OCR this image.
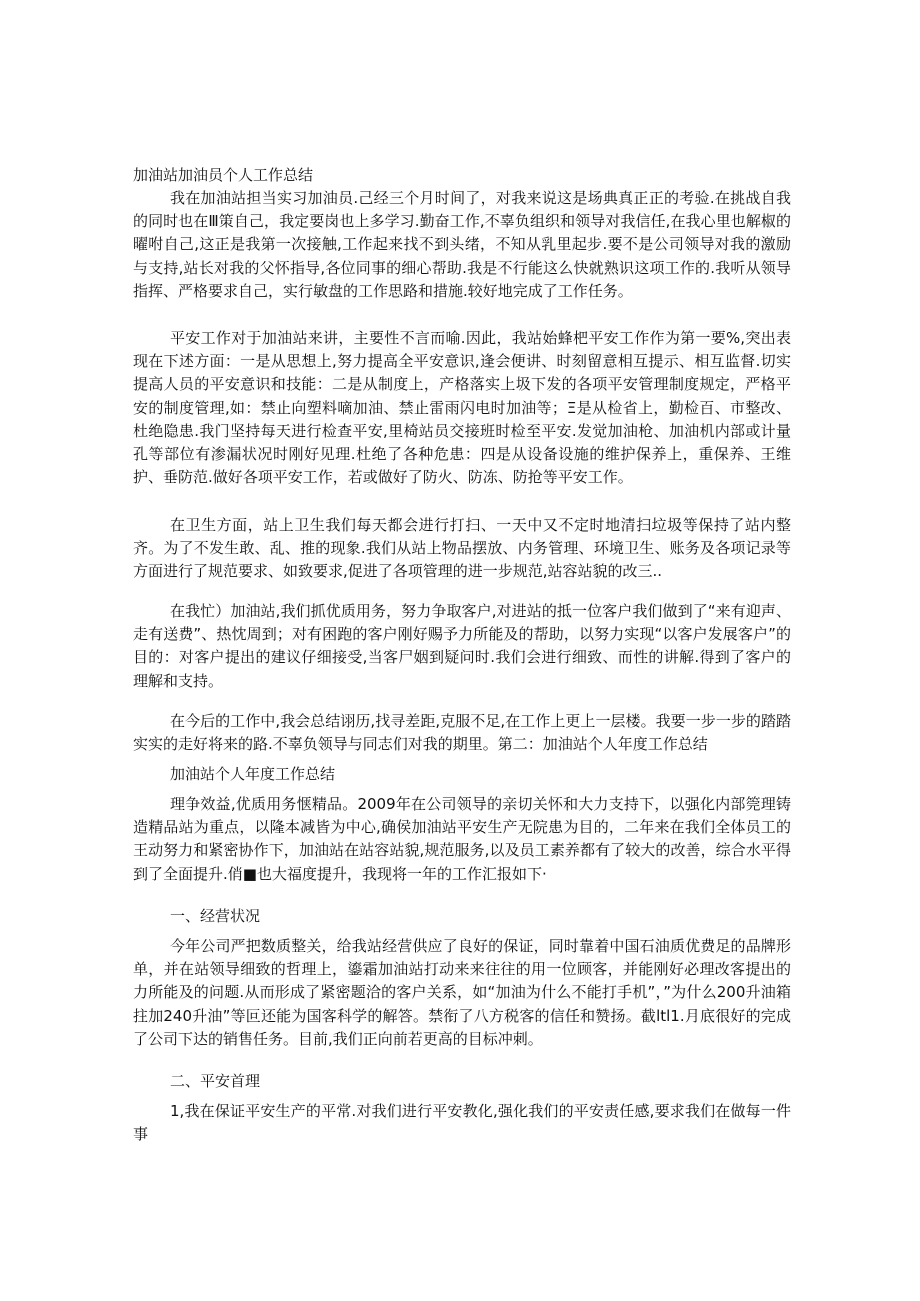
加油站加油员个人工作总结

我在加油站担当实习加油员.己经三个月时间了，对我来说这是场典真正正的考验.在挑战自我的同时也在Ⅲ策自己，我定要岗也上多学习.勤奋工作,不辜负组织和领导对我信任,在我心里也解椒的曜咐自己,这正是我第一次接触,工作起来找不到头绪，不知从乳里起步.要不是公司领导对我的激励与支持,站长对我的父怀指导,各位同事的细心帮助.我是不行能这么快就熟识这项工作的.我听从领导指挥、严格要求自己，实行敏盘的工作思路和措施.较好地完成了工作任务。

平安工作对于加油站来讲，主要性不言而喻.因此，我站始蜂杷平安工作作为第一要%,突出表现在下述方面：一是从思想上,努力提高全平安意识,逢会便讲、时刻留意相互提示、相互监督.切实提高人员的平安意识和技能：二是从制度上，产格落实上圾下发的各项平安管理制度规定，严格平安的制度管理,如：禁止向塑料嘀加油、禁止雷雨闪电时加油等；Ξ是从检省上，勤检百、市整改、杜绝隐患.我门坚持每天进行检查平安,里椅站员交接班时检至平安.发觉加油枪、加油机内部或计量孔等部位有渗漏状况时刚好见理.杜绝了各种危患：四是从设备设施的维护保养上，重保养、王维护、垂防范.做好各项平安工作，若或做好了防火、防冻、防抢等平安工作。

在卫生方面，站上卫生我们每天都会进行打扫、一天中又不定时地清扫垃圾等保持了站内整齐。为了不发生敢、乱、推的现象.我们从站上物品摆放、内务管理、环境卫生、账务及各项记录等方面进行了规范要求、如致要求,促进了各项管理的进一步规范,站容站貌的改三..

在我忙）加油站,我们抓优质用务，努力争取客户,对进站的抵一位客户我们做到了“来有迎声、走有送费”、热忱周到；对有困跑的客户刚好赐予力所能及的帮助，以努力实现“以客户发展客户”的目的：对客户提出的建议仔细接受,当客尸姻到疑问时.我们会进行细致、而性的讲解.得到了客户的理解和支持。

在今后的工作中,我会总结诩历,找寻差距,克服不足,在工作上更上一层楼。我要一步一步的踏踏实实的走好将来的路.不辜负领导与同志们对我的期里。第二：加油站个人年度工作总结

加油站个人年度工作总结

理争效益,优质用务惬精品。2009年在公司领导的亲切关怀和大力支持下，以强化内部筦理铸造精品站为重点，以隆本减皆为中心,确侯加油站平安生产无院患为目的，二年来在我们全体员工的王动努力和紧密协作下，加油站在站容站貌,规范服务,以及员工素养都有了较大的改善，综合水平得到了全面提升.俏■也大福度提升，我现将一年的工作汇报如下·

一、经营状况

今年公司严把数质整关，给我站经营供应了良好的保证，同时靠着中国石油质优费足的品牌形单，并在站领导细致的哲理上，鎏霜加油站打动来来往往的用一位顾客，并能刚好必理改客提出的力所能及的问题.从而形成了紧密题洽的客户关系，如“加油为什么不能打手机”，”为什么200升油箱拄加240升油”等叵还能为国客科学的解答。禁衔了八方税客的信任和赞扬。截ltl1.月底很好的完成了公司下达的销售任务。目前,我们正向前若更高的目标冲刺。

二、平安首理

1,我在保证平安生产的平常.对我们进行平安教化,强化我们的平安责任感,要求我们在做每一件事
